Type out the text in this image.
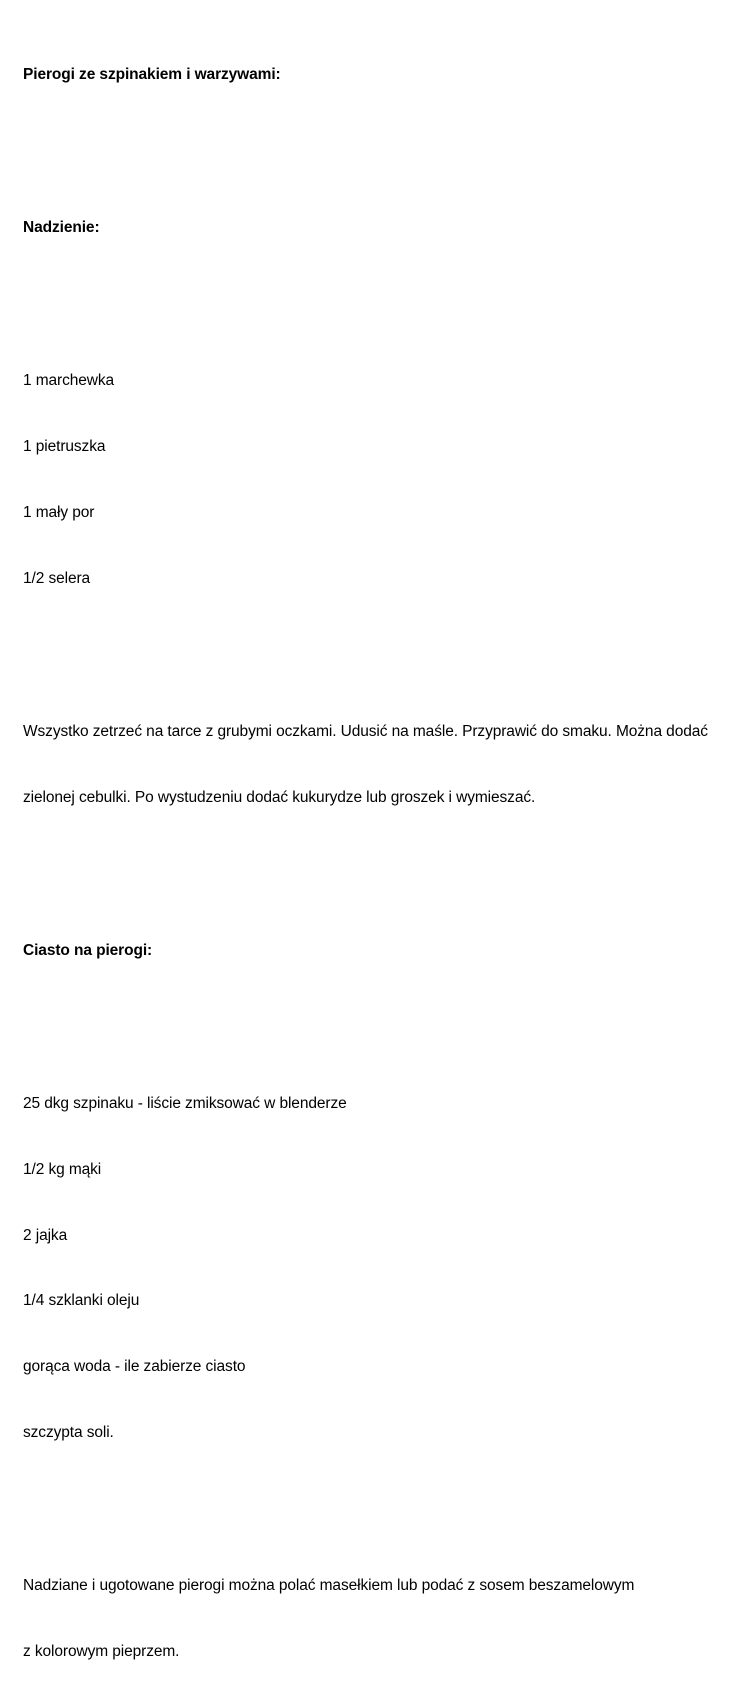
Pierogi ze szpinakiem i warzywami:

Nadzienie:

1 marchewka

1 pietruszka

1 mały por

1/2 selera

Wszystko zetrzeć na tarce z grubymi oczkami. Udusić na maśle. Przyprawić do smaku. Można dodać

zielonej cebulki. Po wystudzeniu dodać kukurydze lub groszek i wymieszać.

Ciasto na pierogi:

25 dkg szpinaku - liście zmiksować w blenderze

1/2 kg mąki

2 jajka

1/4 szklanki oleju

gorąca woda - ile zabierze ciasto

szczypta soli.

Nadziane i ugotowane pierogi można polać masełkiem lub podać z sosem beszamelowym

z kolorowym pieprzem.
